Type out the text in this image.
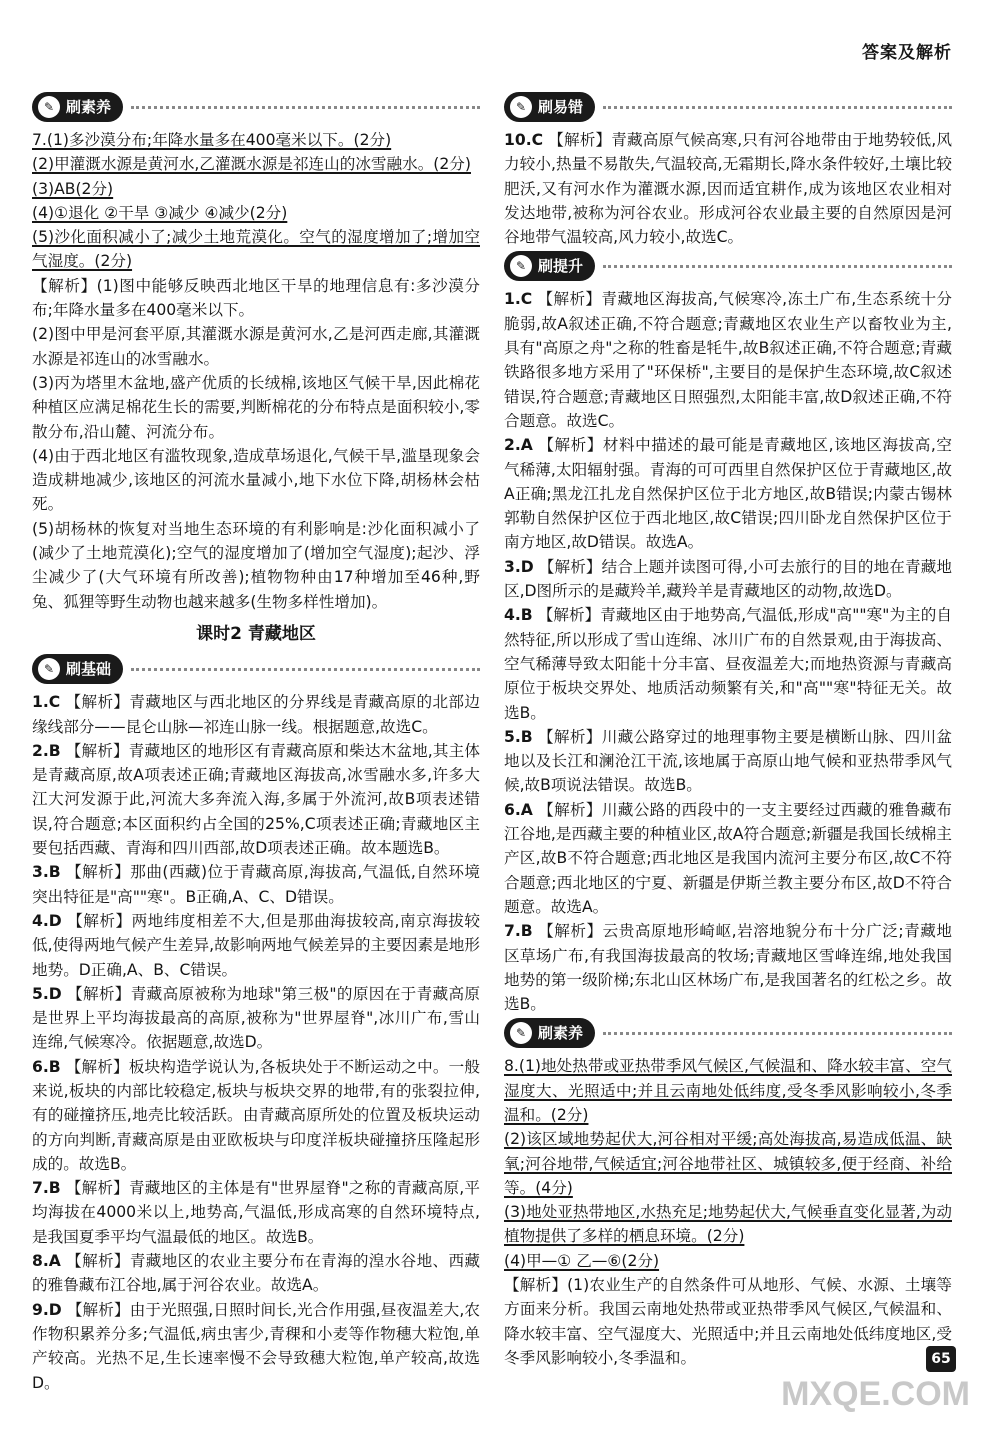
答案及解析
✎ 刷素养

7.(1)多沙漠分布;年降水量多在400毫米以下。(2分)

(2)甲灌溉水源是黄河水,乙灌溉水源是祁连山的冰雪融水。(2分)

(3)AB(2分)

(4)①退化 ②干旱 ③减少 ④减少(2分)

(5)沙化面积减小了;减少土地荒漠化。空气的湿度增加了;增加空气湿度。(2分)

【解析】(1)图中能够反映西北地区干旱的地理信息有:多沙漠分布;年降水量多在400毫米以下。

(2)图中甲是河套平原,其灌溉水源是黄河水,乙是河西走廊,其灌溉水源是祁连山的冰雪融水。

(3)丙为塔里木盆地,盛产优质的长绒棉,该地区气候干旱,因此棉花种植区应满足棉花生长的需要,判断棉花的分布特点是面积较小,零散分布,沿山麓、河流分布。

(4)由于西北地区有滥牧现象,造成草场退化,气候干旱,滥垦现象会造成耕地减少,该地区的河流水量减小,地下水位下降,胡杨林会枯死。

(5)胡杨林的恢复对当地生态环境的有利影响是:沙化面积减小了(减少了土地荒漠化);空气的湿度增加了(增加空气湿度);起沙、浮尘减少了(大气环境有所改善);植物物种由17种增加至46种,野兔、狐狸等野生动物也越来越多(生物多样性增加)。

课时2 青藏地区
✎ 刷基础

1.C 【解析】青藏地区与西北地区的分界线是青藏高原的北部边缘线部分——昆仑山脉—祁连山脉一线。根据题意,故选C。

2.B 【解析】青藏地区的地形区有青藏高原和柴达木盆地,其主体是青藏高原,故A项表述正确;青藏地区海拔高,冰雪融水多,许多大江大河发源于此,河流大多奔流入海,多属于外流河,故B项表述错误,符合题意;本区面积约占全国的25%,C项表述正确;青藏地区主要包括西藏、青海和四川西部,故D项表述正确。故本题选B。

3.B 【解析】那曲(西藏)位于青藏高原,海拔高,气温低,自然环境突出特征是"高""寒"。B正确,A、C、D错误。

4.D 【解析】两地纬度相差不大,但是那曲海拔较高,南京海拔较低,使得两地气候产生差异,故影响两地气候差异的主要因素是地形地势。D正确,A、B、C错误。

5.D 【解析】青藏高原被称为地球"第三极"的原因在于青藏高原是世界上平均海拔最高的高原,被称为"世界屋脊",冰川广布,雪山连绵,气候寒冷。依据题意,故选D。

6.B 【解析】板块构造学说认为,各板块处于不断运动之中。一般来说,板块的内部比较稳定,板块与板块交界的地带,有的张裂拉伸,有的碰撞挤压,地壳比较活跃。由青藏高原所处的位置及板块运动的方向判断,青藏高原是由亚欧板块与印度洋板块碰撞挤压隆起形成的。故选B。

7.B 【解析】青藏地区的主体是有"世界屋脊"之称的青藏高原,平均海拔在4000米以上,地势高,气温低,形成高寒的自然环境特点,是我国夏季平均气温最低的地区。故选B。

8.A 【解析】青藏地区的农业主要分布在青海的湟水谷地、西藏的雅鲁藏布江谷地,属于河谷农业。故选A。

9.D 【解析】由于光照强,日照时间长,光合作用强,昼夜温差大,农作物积累养分多;气温低,病虫害少,青稞和小麦等作物穗大粒饱,单产较高。光热不足,生长速率慢不会导致穗大粒饱,单产较高,故选D。

✎ 刷易错

10.C 【解析】青藏高原气候高寒,只有河谷地带由于地势较低,风力较小,热量不易散失,气温较高,无霜期长,降水条件较好,土壤比较肥沃,又有河水作为灌溉水源,因而适宜耕作,成为该地区农业相对发达地带,被称为河谷农业。形成河谷农业最主要的自然原因是河谷地带气温较高,风力较小,故选C。

✎ 刷提升

1.C 【解析】青藏地区海拔高,气候寒冷,冻土广布,生态系统十分脆弱,故A叙述正确,不符合题意;青藏地区农业生产以畜牧业为主,具有"高原之舟"之称的牲畜是牦牛,故B叙述正确,不符合题意;青藏铁路很多地方采用了"环保桥",主要目的是保护生态环境,故C叙述错误,符合题意;青藏地区日照强烈,太阳能丰富,故D叙述正确,不符合题意。故选C。

2.A 【解析】材料中描述的最可能是青藏地区,该地区海拔高,空气稀薄,太阳辐射强。青海的可可西里自然保护区位于青藏地区,故A正确;黑龙江扎龙自然保护区位于北方地区,故B错误;内蒙古锡林郭勒自然保护区位于西北地区,故C错误;四川卧龙自然保护区位于南方地区,故D错误。故选A。

3.D 【解析】结合上题并读图可得,小可去旅行的目的地在青藏地区,D图所示的是藏羚羊,藏羚羊是青藏地区的动物,故选D。

4.B 【解析】青藏地区由于地势高,气温低,形成"高""寒"为主的自然特征,所以形成了雪山连绵、冰川广布的自然景观,由于海拔高、空气稀薄导致太阳能十分丰富、昼夜温差大;而地热资源与青藏高原位于板块交界处、地质活动频繁有关,和"高""寒"特征无关。故选B。

5.B 【解析】川藏公路穿过的地理事物主要是横断山脉、四川盆地以及长江和澜沧江干流,该地属于高原山地气候和亚热带季风气候,故B项说法错误。故选B。

6.A 【解析】川藏公路的西段中的一支主要经过西藏的雅鲁藏布江谷地,是西藏主要的种植业区,故A符合题意;新疆是我国长绒棉主产区,故B不符合题意;西北地区是我国内流河主要分布区,故C不符合题意;西北地区的宁夏、新疆是伊斯兰教主要分布区,故D不符合题意。故选A。

7.B 【解析】云贵高原地形崎岖,岩溶地貌分布十分广泛;青藏地区草场广布,有我国海拔最高的牧场;青藏地区雪峰连绵,地处我国地势的第一级阶梯;东北山区林场广布,是我国著名的红松之乡。故选B。

✎ 刷素养

8.(1)地处热带或亚热带季风气候区,气候温和、降水较丰富、空气湿度大、光照适中;并且云南地处低纬度,受冬季风影响较小,冬季温和。(2分)

(2)该区域地势起伏大,河谷相对平缓;高处海拔高,易造成低温、缺氧;河谷地带,气候适宜;河谷地带社区、城镇较多,便于经商、补给等。(4分)

(3)地处亚热带地区,水热充足;地势起伏大,气候垂直变化显著,为动植物提供了多样的栖息环境。(2分)

(4)甲—① 乙—⑥(2分)

【解析】(1)农业生产的自然条件可从地形、气候、水源、土壤等方面来分析。我国云南地处热带或亚热带季风气候区,气候温和、降水较丰富、空气湿度大、光照适中;并且云南地处低纬度地区,受冬季风影响较小,冬季温和。	65
MXQE.COM
